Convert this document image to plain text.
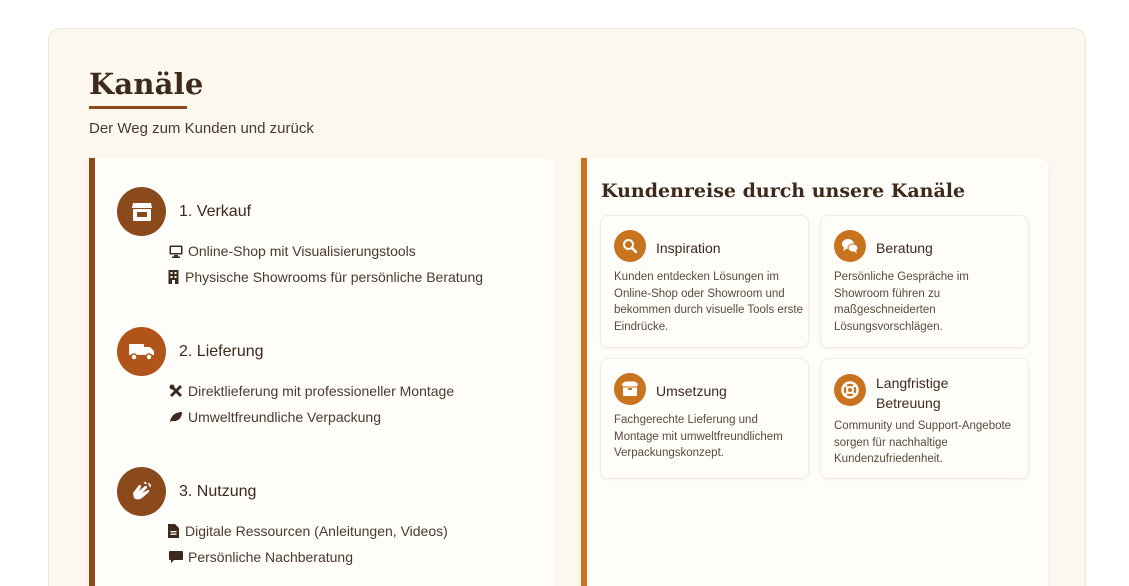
Kanäle

Der Weg zum Kunden und zurück

1. Verkauf
Online-Shop mit Visualisierungstools
Physische Showrooms für persönliche Beratung
2. Lieferung
Direktlieferung mit professioneller Montage
Umweltfreundliche Verpackung
3. Nutzung
Digitale Ressourcen (Anleitungen, Videos)
Persönliche Nachberatung
Kundenreise durch unsere Kanäle
Inspiration
Kunden entdecken Lösungen im Online-Shop oder Showroom und bekommen durch visuelle Tools erste Eindrücke.
Beratung
Persönliche Gespräche im Showroom führen zu maßgeschneiderten Lösungsvorschlägen.
Umsetzung
Fachgerechte Lieferung und Montage mit umweltfreundlichem Verpackungskonzept.
Langfristige Betreuung
Community und Support-Angebote sorgen für nachhaltige Kundenzufriedenheit.
